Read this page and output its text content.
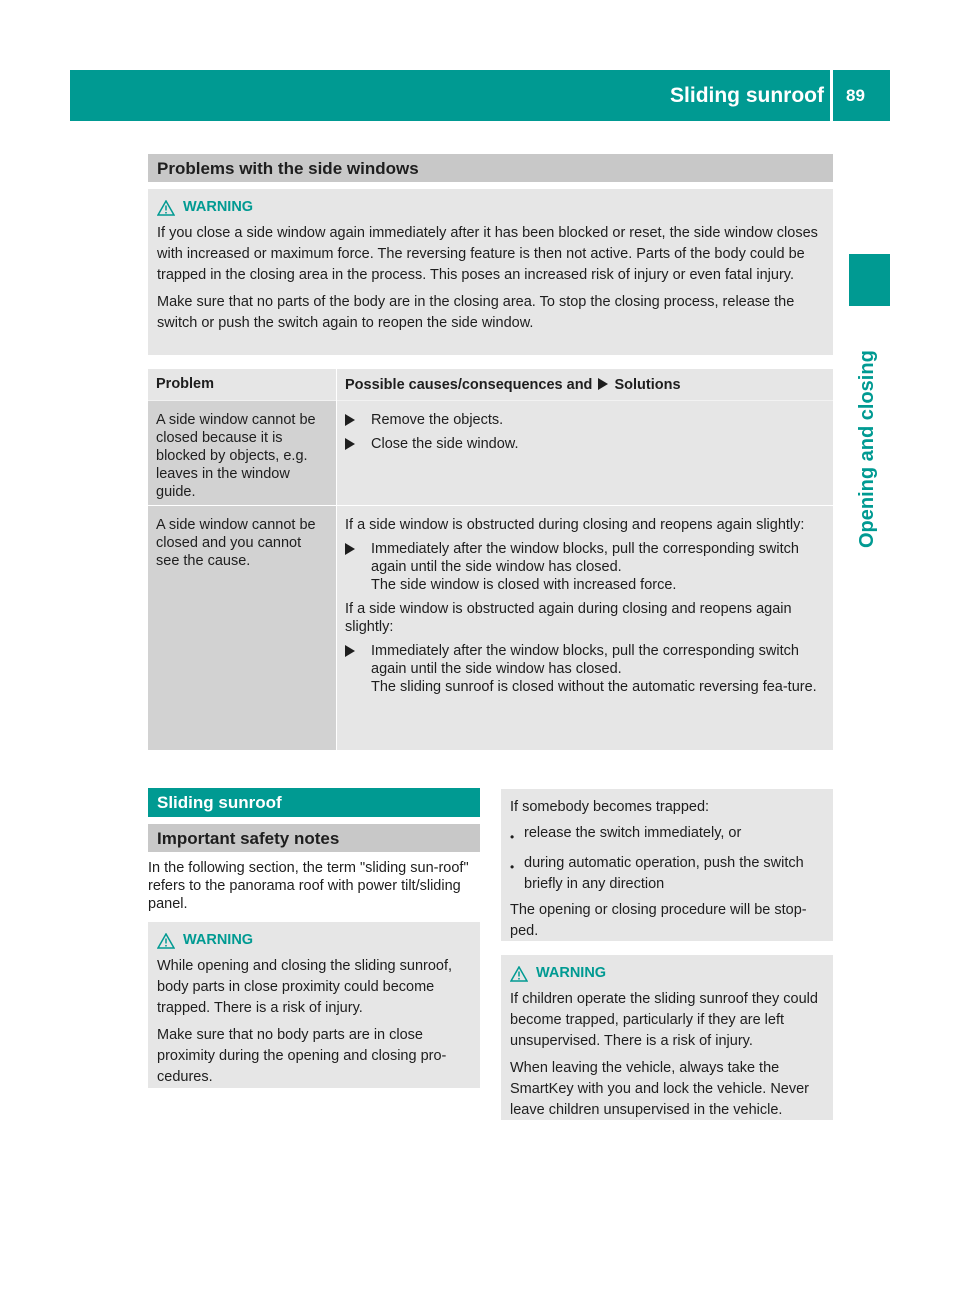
Sliding sunroof 89
Opening and closing
Problems with the side windows
WARNING

If you close a side window again immediately after it has been blocked or reset, the side window closes with increased or maximum force. The reversing feature is then not active. Parts of the body could be trapped in the closing area in the process. This poses an increased risk of injury or even fatal injury.

Make sure that no parts of the body are in the closing area. To stop the closing process, release the switch or push the switch again to reopen the side window.

Problem	Possible causes/consequences and Solutions
A side window cannot be closed because it is blocked by objects, e.g. leaves in the window guide.
Remove the objects.
Close the side window.
A side window cannot be closed and you cannot see the cause.

If a side window is obstructed during closing and reopens again slightly:

Immediately after the window blocks, pull the corresponding switch again until the side window has closed.
The side window is closed with increased force.

If a side window is obstructed again during closing and reopens again slightly:

Immediately after the window blocks, pull the corresponding switch again until the side window has closed.
The sliding sunroof is closed without the automatic reversing fea-ture.
Sliding sunroof
Important safety notes
In the following section, the term "sliding sun-roof" refers to the panorama roof with power tilt/sliding panel.
WARNING

While opening and closing the sliding sunroof, body parts in close proximity could become trapped. There is a risk of injury.

Make sure that no body parts are in close proximity during the opening and closing pro-cedures.

If somebody becomes trapped:

• release the switch immediately, or
• during automatic operation, push the switch briefly in any direction

The opening or closing procedure will be stop-ped.

WARNING

If children operate the sliding sunroof they could become trapped, particularly if they are left unsupervised. There is a risk of injury.

When leaving the vehicle, always take the SmartKey with you and lock the vehicle. Never leave children unsupervised in the vehicle.
